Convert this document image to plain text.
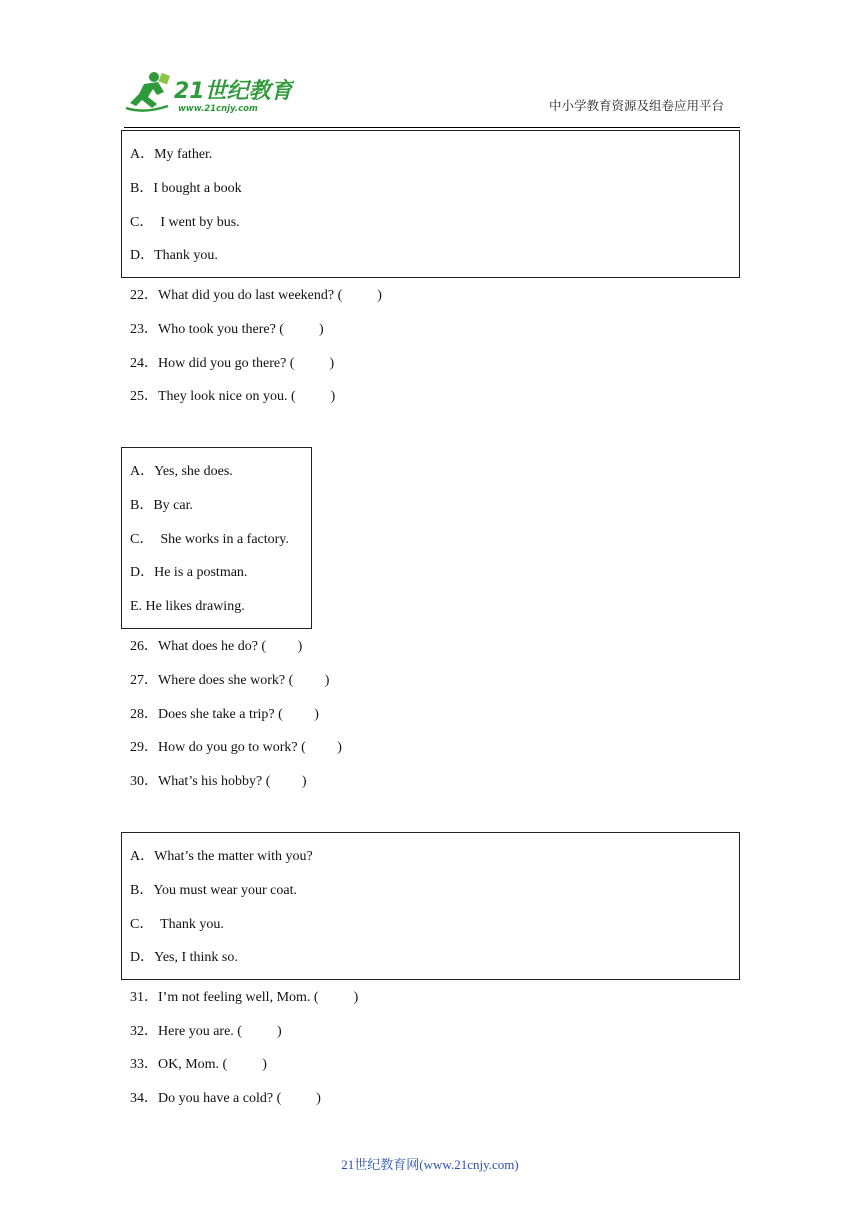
21世纪教育
www.21cnjy.com	中小学教育资源及组卷应用平台
A．My father.
B．I bought a book
C．  I went by bus.
D．Thank you.
22．What did you do last weekend? (          )
23．Who took you there? (          )
24．How did you go there? (          )
25．They look nice on you. (          )
A．Yes, she does.
B．By car.
C．  She works in a factory.
D．He is a postman.
E. He likes drawing.
26．What does he do? (         )
27．Where does she work? (         )
28．Does she take a trip? (         )
29．How do you go to work? (         )
30．What’s his hobby? (         )
A．What’s the matter with you?
B．You must wear your coat.
C．  Thank you.
D．Yes, I think so.
31．I’m not feeling well, Mom. (          )
32．Here you are. (          )
33．OK, Mom. (          )
34．Do you have a cold? (          )
21世纪教育网(www.21cnjy.com)
